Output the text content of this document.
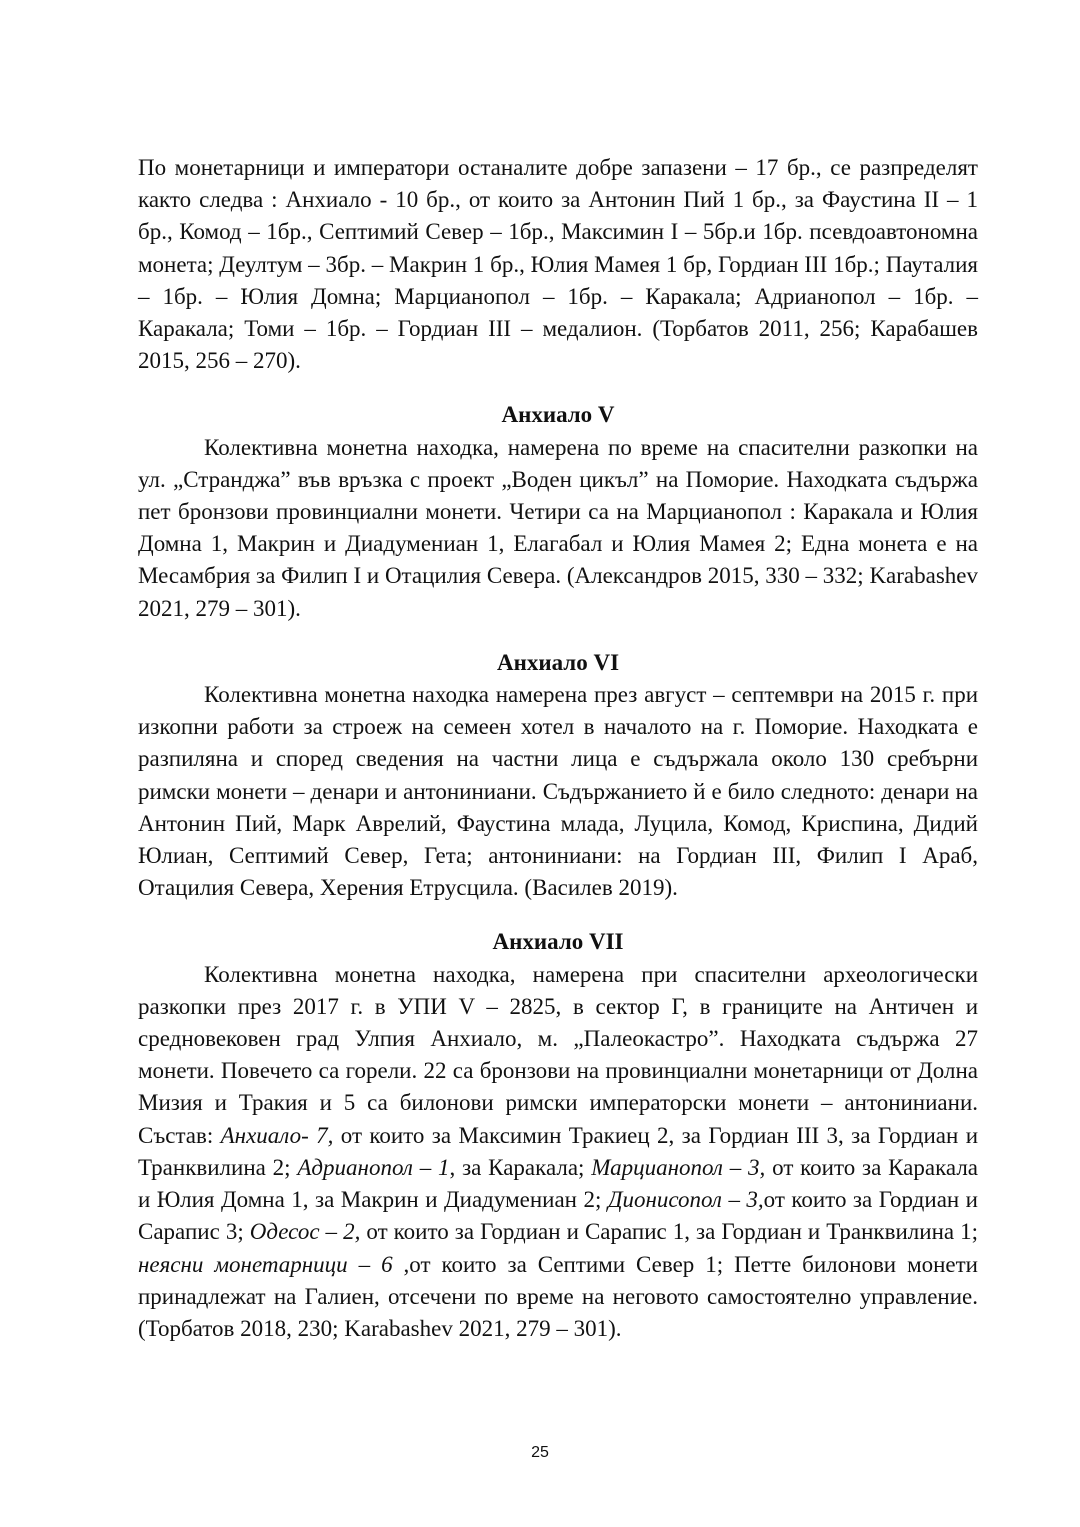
По монетарници и императори останалите добре запазени – 17 бр., се разпределят както следва : Анхиало - 10 бр., от които за Антонин Пий 1 бр., за Фаустина II – 1 бр., Комод – 1бр., Септимий Север – 1бр., Максимин I – 5бр.и 1бр. псевдоавтономна монета; Деултум – 3бр. – Макрин 1 бр., Юлия Мамея 1 бр, Гордиан III 1бр.; Пауталия – 1бр. – Юлия Домна; Марцианопол – 1бр. – Каракала; Адрианопол – 1бр. – Каракала; Томи – 1бр. – Гордиан III – медалион. (Торбатов 2011, 256; Карабашев 2015, 256 – 270).

Анхиало V

Колективна монетна находка, намерена по време на спасителни разкопки на ул. „Странджа” във връзка с проект „Воден цикъл” на Поморие. Находката съдържа пет бронзови провинциални монети. Четири са на Марцианопол : Каракала и Юлия Домна 1, Макрин и Диадумениан 1, Елагабал и Юлия Мамея 2; Една монета е на Месамбрия за Филип I и Отацилия Севера. (Александров 2015, 330 – 332; Karabashev 2021, 279 – 301).

Анхиало VI

Колективна монетна находка намерена през август – септември на 2015 г. при изкопни работи за строеж на семеен хотел в началото на г. Поморие. Находката е разпиляна и според сведения на частни лица е съдържала около 130 сребърни римски монети – денари и антониниани. Съдържанието й е било следното: денари на Антонин Пий, Марк Аврелий, Фаустина млада, Луцила, Комод, Криспина, Дидий Юлиан, Септимий Север, Гета; антониниани: на Гордиан III, Филип I Араб, Отацилия Севера, Херения Етрусцила. (Василев 2019).

Анхиало VII

Колективна монетна находка, намерена при спасителни археологически разкопки през 2017 г. в УПИ V – 2825, в сектор Г, в границите на Античен и средновековен град Улпия Анхиало, м. „Палеокастро”. Находката съдържа 27 монети. Повечето са горели. 22 са бронзови на провинциални монетарници от Долна Мизия и Тракия и 5 са билонови римски императорски монети – антониниани. Състав: Анхиало- 7, от които за Максимин Тракиец 2, за Гордиан III 3, за Гордиан и Транквилина 2; Адрианопол – 1, за Каракала; Марцианопол – 3, от които за Каракала и Юлия Домна 1, за Макрин и Диадумениан 2; Дионисопол – 3,от които за Гордиан и Сарапис 3; Одесос – 2, от които за Гордиан и Сарапис 1, за Гордиан и Транквилина 1; неясни монетарници – 6 ,от които за Септими Север 1; Петте билонови монети принадлежат на Галиен, отсечени по време на неговото самостоятелно управление. (Торбатов 2018, 230; Karabashev 2021, 279 – 301).

25
